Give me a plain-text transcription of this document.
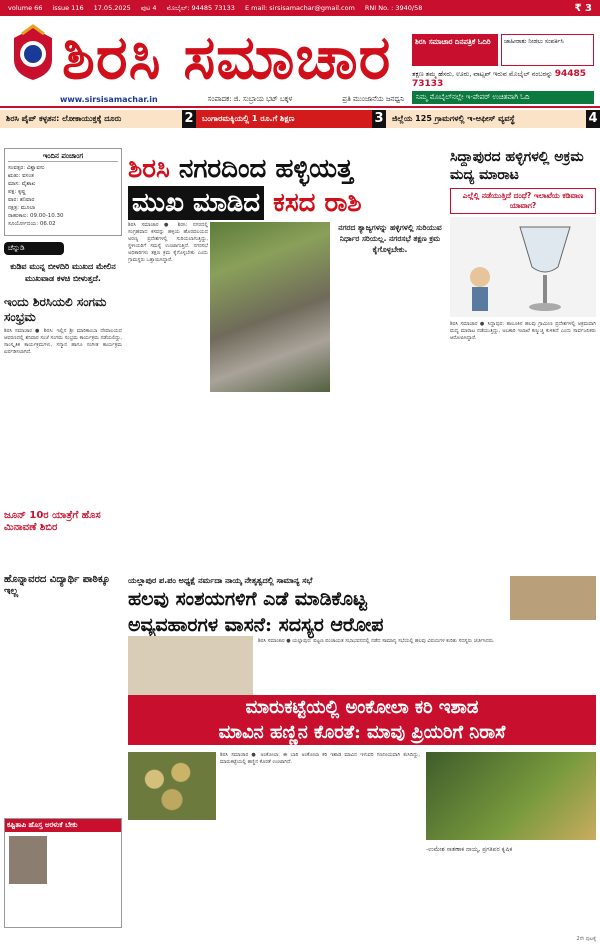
volume 66 issue 116 17.05.2025 ಪುಟ 4 ಮೊಬೈಲ್: 94485 73133 E mail: sirsisamachar@gmail.com RNI No. : 3940/58	₹ 3
ಶಿರಸಿ ಸಮಾಚಾರ	ಶಿರಸಿ ಸಮಾಚಾರ ದಿನಪತ್ರಿಕೆ ಓದಿರಿ	ಜಾಹೀರಾತು ನೀಡಲು ಸಂಪರ್ಕಿಸಿ
ತಕ್ಷಣ ತಮ್ಮ ಹೆಸರು, ಊರು, ವಾಟ್ಸಪ್ ಇರುವ ಮೊಬೈಲ್ ನಂಬರನ್ನು 94485 73133
ನಿಮ್ಮ ಮೊಬೈಲ್‌ನಲ್ಲೇ ಇ-ಪೇಪರ್ ಉಚಿತವಾಗಿ ಓದಿ
www.sirsisamachar.in	ಸಂಪಾದಕ: ಜಿ. ಸುಬ್ರಾಯ ಭಟ್ ಬಕ್ಕಳ	ಪ್ರತಿ ಮುಂಜಾನೆಯ ಜನಧ್ವನಿ
ಶಿರಸಿ ಪೈಪ್ ಕಳ್ಳತನ: ಲೋಕಾಯುಕ್ತಕ್ಕೆ ದೂರು	2	ಬಂಗಾರಮಕ್ಕಿಯಲ್ಲಿ 1 ರೂ.ಗೆ ಶಿಕ್ಷಣ	3	ಜಿಲ್ಲೆಯ 125 ಗ್ರಾಮಗಳಲ್ಲಿ ಇ-ಆಫೀಸ್ ವ್ಯವಸ್ಥೆ	4
ಇಂದಿನ ಪಂಚಾಂಗ
ಸಂವತ್ಸರ: ವಿಶ್ವಾವಸು
ಋತು: ವಸಂತ
ಮಾಸ: ವೈಶಾಖ
ಪಕ್ಷ: ಕೃಷ್ಣ
ವಾರ: ಶನಿವಾರ
ನಕ್ಷತ್ರ: ಮೂಲಾ
ರಾಹುಕಾಲ: 09.00-10.30
ಸೂರ್ಯೋದಯ: 06.02
ಚೆನ್ನುಡಿ
ಕುಡಿವ ಮುನ್ನ ಬೀಳದಿರಿ ಮುಖದ ಮೇಲಿನ ಮುಖವಾಡ ಕಳಚಿ ಬೀಳುತ್ತದೆ.
ಇಂದು ಶಿರಸಿಯಲಿ ಸಂಗಮ ಸಂಭ್ರಮ
ಶಿರಸಿ ಸಮಾಚಾರ ● ಶಿರಸಿ: ಇಲ್ಲಿನ ಶ್ರೀ ಮಾರಿಕಾಂಬಾ ದೇವಾಲಯದ ಆವರಣದಲ್ಲಿ ಶನಿವಾರ ಸಂಜೆ ಸಂಗಮ ಸಂಭ್ರಮ ಕಾರ್ಯಕ್ರಮ ನಡೆಯಲಿದ್ದು, ಸಾಂಸ್ಕೃತಿಕ ಕಾರ್ಯಕ್ರಮಗಳು, ಸನ್ಮಾನ ಹಾಗೂ ಸಂಗೀತ ಕಾರ್ಯಕ್ರಮ ಏರ್ಪಡಿಸಲಾಗಿದೆ.
ಜೂನ್ 10ರ ಯಾತ್ರೆಗೆ ಹೊಸ ಮಿನಾವಣೆ ಶಿಬಿರ
ಹೊನ್ನಾವರದ ವಿದ್ಯಾರ್ಥಿ ಪಾಠಿಕ್ಕೂ ಇಲ್ಲ
ಕಷ್ಟಿತಾಪಿ ಹೊಸ್ತ ಅರಳುಕೆ ಬೇಕು
ಶಿರಸಿ ನಗರದಿಂದ ಹಳ್ಳಿಯತ್ತ
ಮುಖ ಮಾಡಿದ ಕಸದ ರಾಶಿ
ಶಿರಸಿ ಸಮಾಚಾರ ● ಶಿರಸಿ: ನಗರದಲ್ಲಿ ಸಂಗ್ರಹವಾದ ಕಸವನ್ನು ಹಳ್ಳಿಯ ಹೊರವಲಯದ ಅರಣ್ಯ ಪ್ರದೇಶಗಳಲ್ಲಿ ಸುರಿಯಲಾಗುತ್ತಿದ್ದು, ಸ್ಥಳೀಯರಿಗೆ ಸಮಸ್ಯೆ ಉಂಟಾಗುತ್ತಿದೆ. ನಗರಸಭೆ ಅಧಿಕಾರಿಗಳು ತಕ್ಷಣ ಕ್ರಮ ಕೈಗೊಳ್ಳಬೇಕು ಎಂದು ಗ್ರಾಮಸ್ಥರು ಒತ್ತಾಯಿಸಿದ್ದಾರೆ.
ನಗರದ ತ್ಯಾಜ್ಯಗಳನ್ನು ಹಳ್ಳಿಗಳಲ್ಲಿ ಸುರಿಯುವ ನಿರ್ಧಾರ ಸರಿಯಲ್ಲ. ನಗರಸಭೆ ತಕ್ಷಣ ಕ್ರಮ ಕೈಗೊಳ್ಳಬೇಕು.
ಸಿದ್ದಾಪುರದ ಹಳ್ಳಿಗಳಲ್ಲಿ ಅಕ್ರಮ ಮದ್ಯ ಮಾರಾಟ
ಎಲ್ಲೆಲ್ಲಿ ನಡೆಯುತ್ತಿದೆ ದಂಧೆ? ಇಲಾಖೆಯ ಕಡಿವಾಣ ಯಾವಾಗ?
ಶಿರಸಿ ಸಮಾಚಾರ ● ಸಿದ್ದಾಪುರ: ತಾಲೂಕಿನ ಹಲವು ಗ್ರಾಮೀಣ ಪ್ರದೇಶಗಳಲ್ಲಿ ಅಕ್ರಮವಾಗಿ ಮದ್ಯ ಮಾರಾಟ ನಡೆಯುತ್ತಿದ್ದು, ಅಬಕಾರಿ ಇಲಾಖೆ ಕಣ್ಮುಚ್ಚಿ ಕುಳಿತಿದೆ ಎಂದು ಸಾರ್ವಜನಿಕರು ಆರೋಪಿಸಿದ್ದಾರೆ.
ಯಲ್ಲಾಪುರ ಪ.ಪಂ ಅಧ್ಯಕ್ಷೆ ನರ್ಮದಾ ನಾಯ್ಕ ನೇತೃತ್ವದಲ್ಲಿ ಸಾಮಾನ್ಯ ಸಭೆ
ಹಲವು ಸಂಶಯಗಳಿಗೆ ಎಡೆ ಮಾಡಿಕೊಟ್ಟ
ಅವ್ಯವಹಾರಗಳ ವಾಸನೆ: ಸದಸ್ಯರ ಆರೋಪ
ಶಿರಸಿ ಸಮಾಚಾರ ● ಯಲ್ಲಾಪುರ: ಪಟ್ಟಣ ಪಂಚಾಯತ ಸಭಾಭವನದಲ್ಲಿ ನಡೆದ ಸಾಮಾನ್ಯ ಸಭೆಯಲ್ಲಿ ಹಲವು ವಿಷಯಗಳ ಕುರಿತು ಸದಸ್ಯರು ಚರ್ಚಿಸಿದರು.
ಮಾರುಕಟ್ಟೆಯಲ್ಲಿ ಅಂಕೋಲಾ ಕರಿ ಇಶಾಡ
ಮಾವಿನ ಹಣ್ಣಿನ ಕೊರತೆ: ಮಾವು ಪ್ರಿಯರಿಗೆ ನಿರಾಸೆ
ಶಿರಸಿ ಸಮಾಚಾರ ● ಅಂಕೋಲಾ: ಈ ಬಾರಿ ಅಂಕೋಲಾ ಕರಿ ಇಶಾಡ ಮಾವಿನ ಇಳುವರಿ ಗಣನೀಯವಾಗಿ ಕುಸಿದಿದ್ದು, ಮಾರುಕಟ್ಟೆಯಲ್ಲಿ ಹಣ್ಣಿನ ಕೊರತೆ ಉಂಟಾಗಿದೆ.
-ಉಮೇಶ ಸಾತಣಾಕ ನಾಯ್ಕ, ಪ್ರಗತಿಪರ ಕೃಷಿಕ
2ನೇ ಪುಟಕ್ಕೆ
